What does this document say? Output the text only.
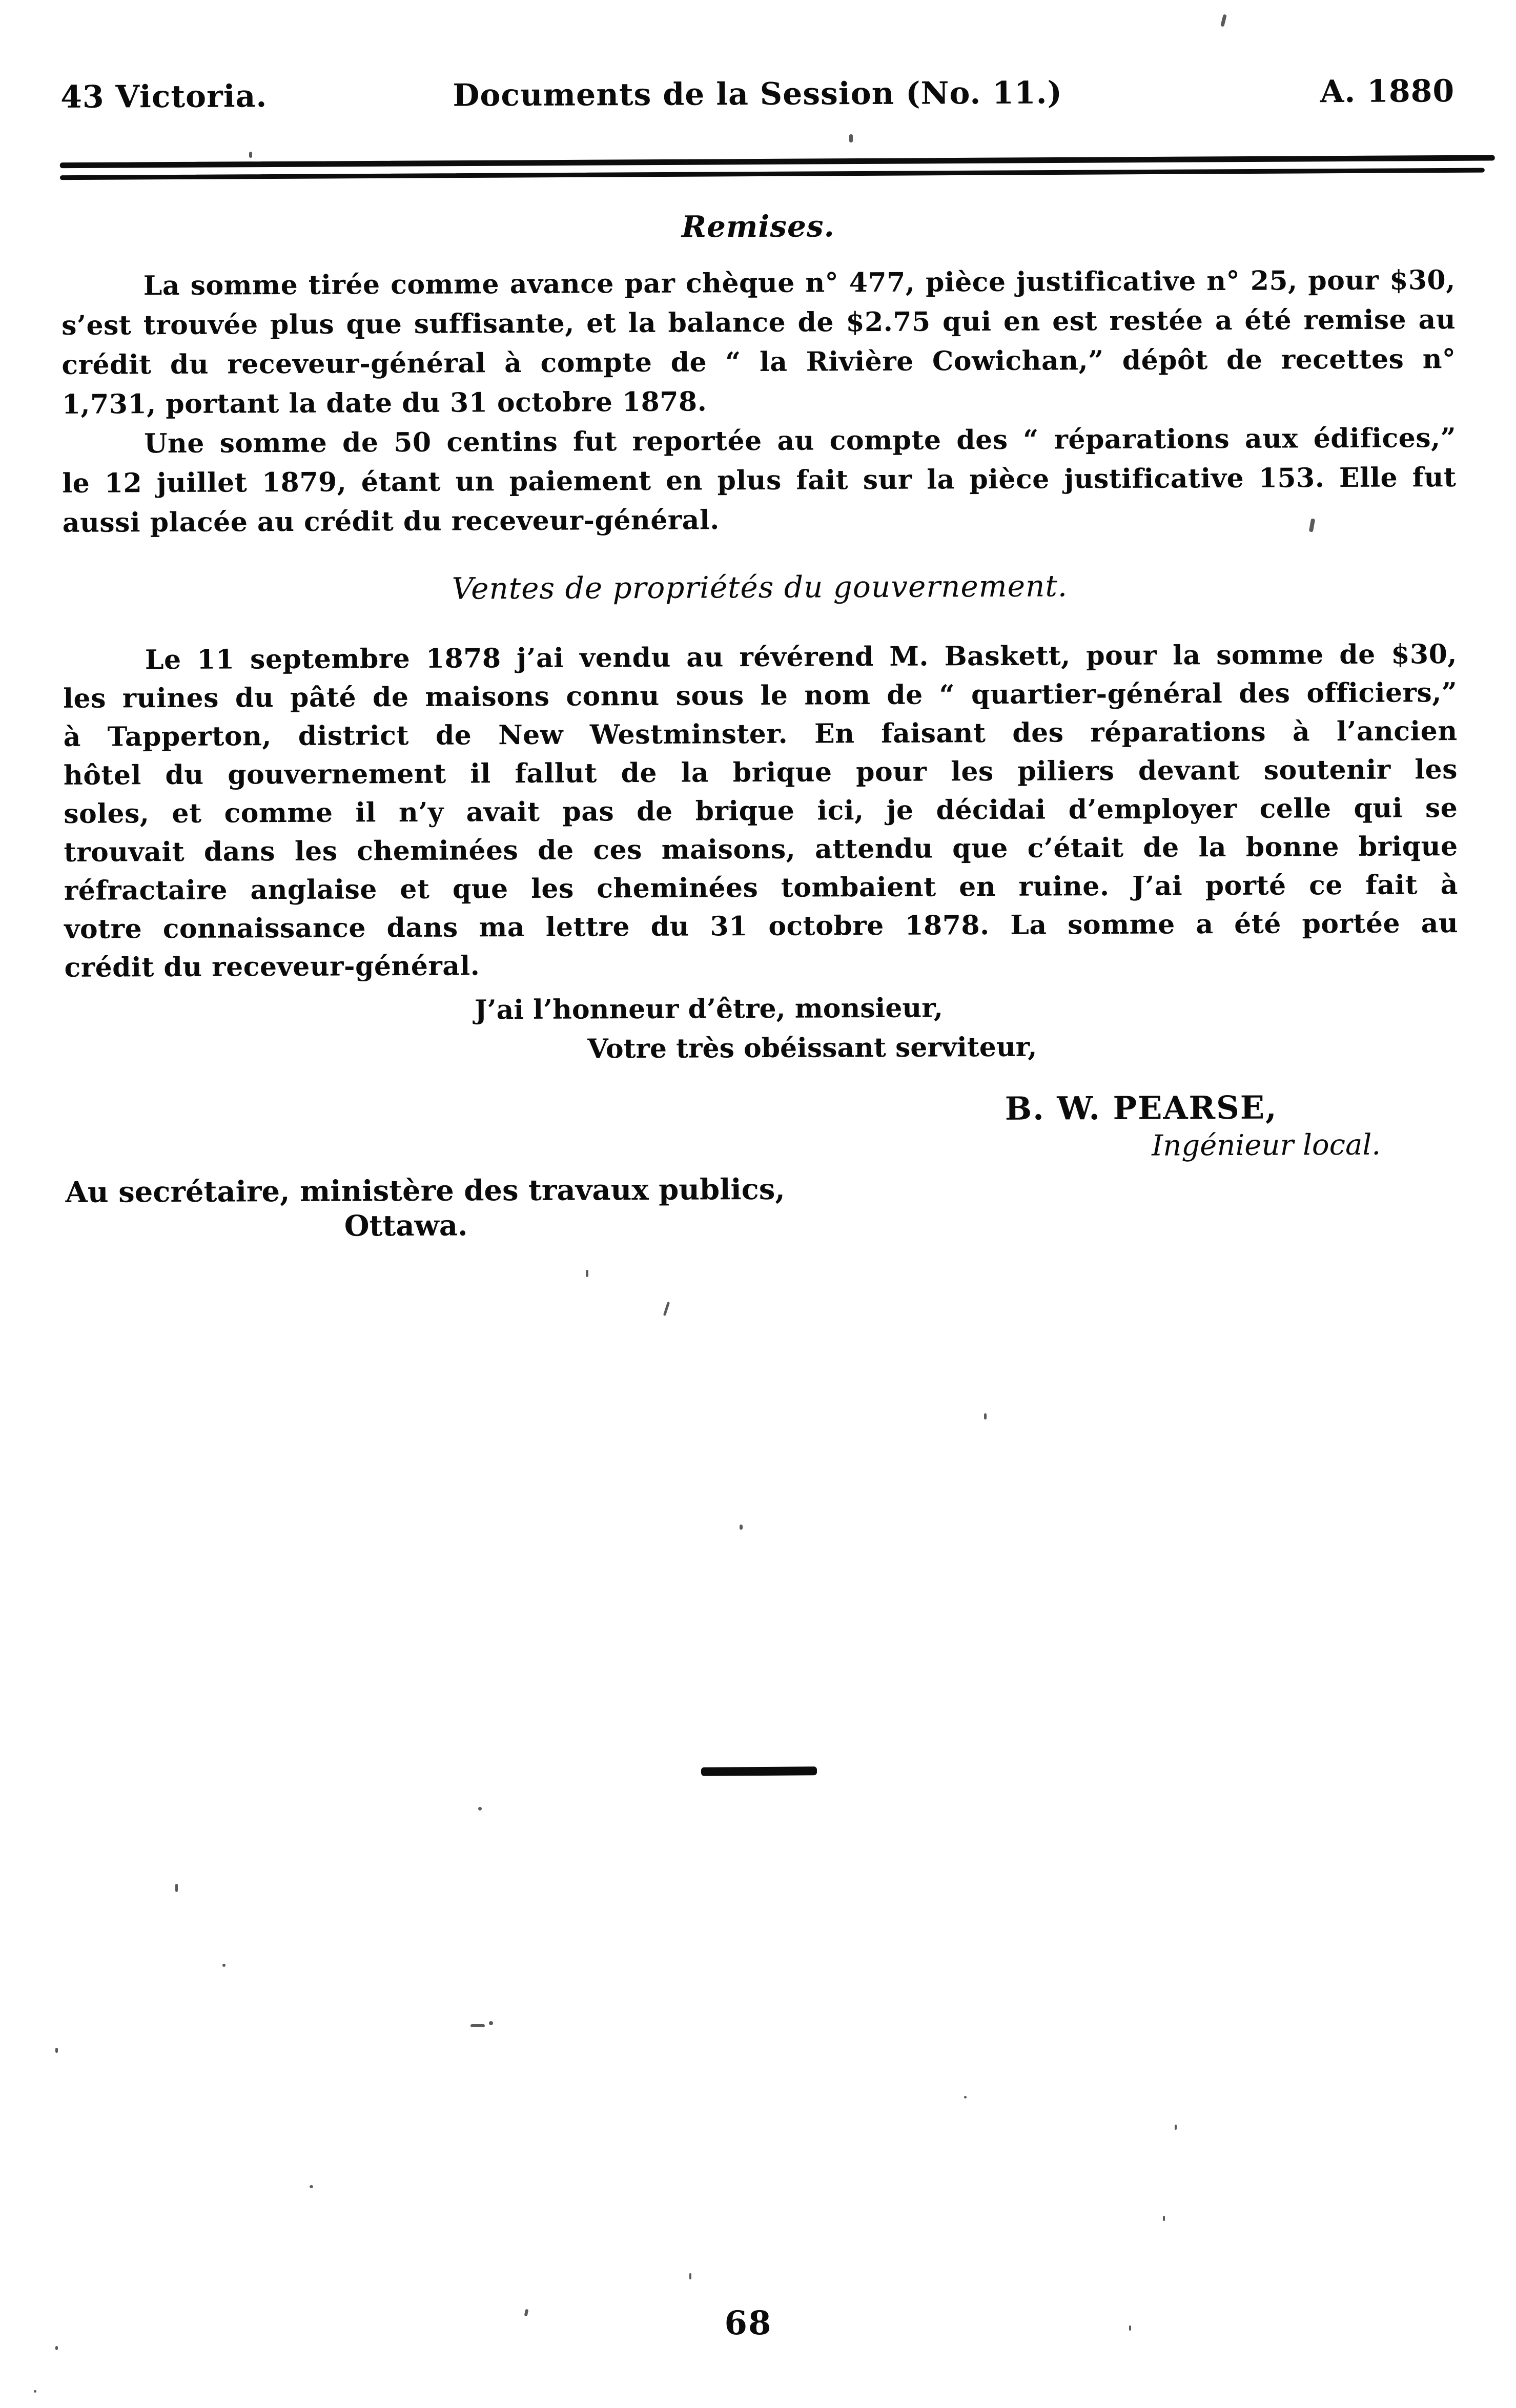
43 Victoria.	Documents de la Session (No. 11.)	A. 1880
Remises.
La somme tirée comme avance par chèque n° 477, pièce justificative n° 25, pour $30,
s’est trouvée plus que suffisante, et la balance de $2.75 qui en est restée a été remise au
crédit du receveur-général à compte de “ la Rivière Cowichan,” dépôt de recettes n°
1,731, portant la date du 31 octobre 1878.
Une somme de 50 centins fut reportée au compte des “ réparations aux édifices,”
le 12 juillet 1879, étant un paiement en plus fait sur la pièce justificative 153. Elle fut
aussi placée au crédit du receveur-général.
Ventes de propriétés du gouvernement.
Le 11 septembre 1878 j’ai vendu au révérend M. Baskett, pour la somme de $30,
les ruines du pâté de maisons connu sous le nom de “ quartier-général des officiers,”
à Tapperton, district de New Westminster. En faisant des réparations à l’ancien
hôtel du gouvernement il fallut de la brique pour les piliers devant soutenir les
soles, et comme il n’y avait pas de brique ici, je décidai d’employer celle qui se
trouvait dans les cheminées de ces maisons, attendu que c’était de la bonne brique
réfractaire anglaise et que les cheminées tombaient en ruine. J’ai porté ce fait à
votre connaissance dans ma lettre du 31 octobre 1878. La somme a été portée au
crédit du receveur-général.
J’ai l’honneur d’être, monsieur,
Votre très obéissant serviteur,
B. W. PEARSE,
Ingénieur local.
Au secrétaire, ministère des travaux publics,
Ottawa.
68
